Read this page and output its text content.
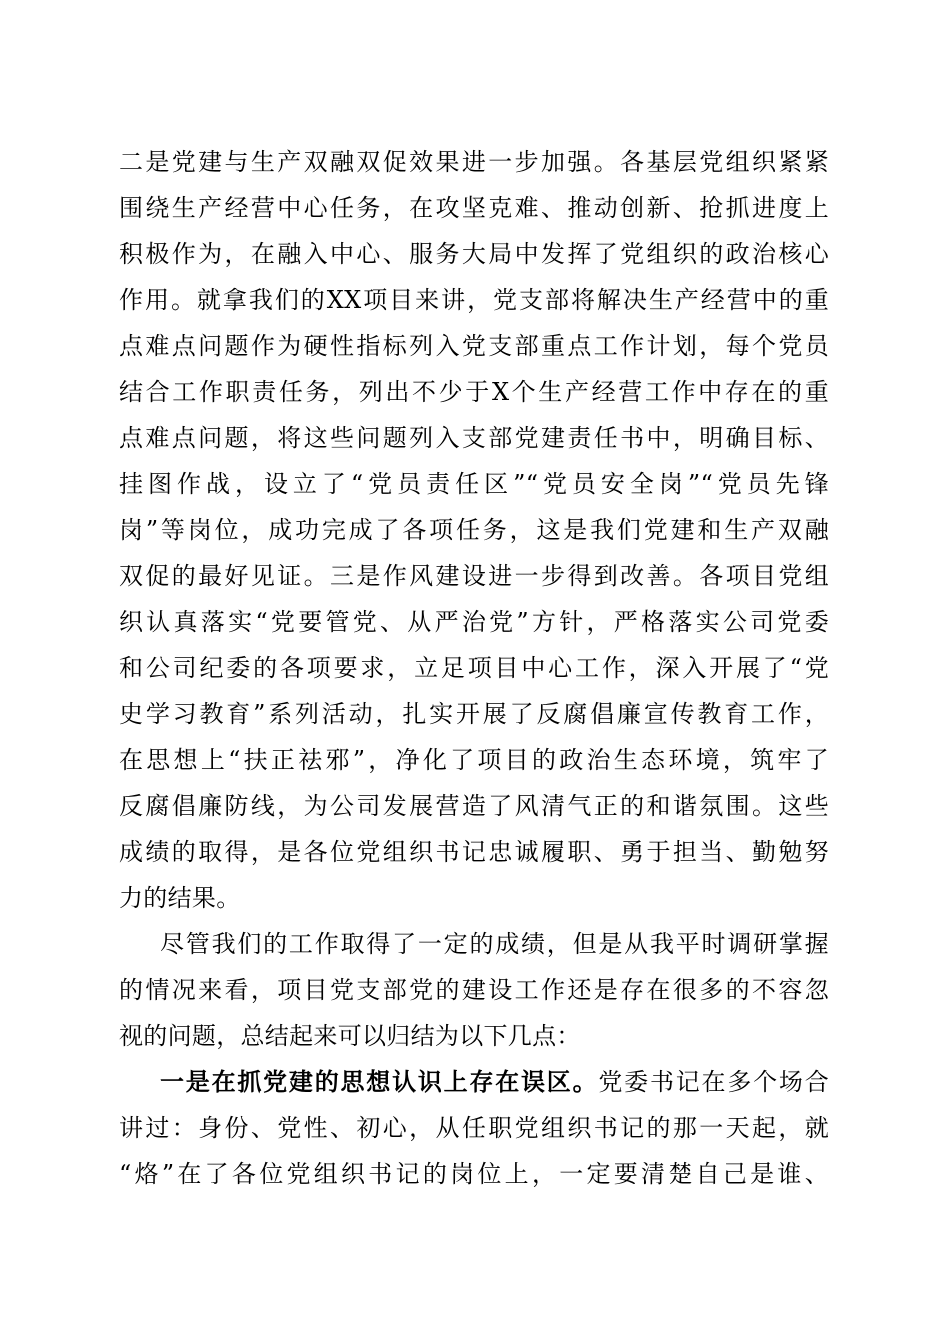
二是党建与生产双融双促效果进一步加强。各基层党组织紧紧
围绕生产经营中心任务，在攻坚克难、推动创新、抢抓进度上
积极作为，在融入中心、服务大局中发挥了党组织的政治核心
作用。就拿我们的XX项目来讲，党支部将解决生产经营中的重
点难点问题作为硬性指标列入党支部重点工作计划，每个党员
结合工作职责任务，列出不少于X个生产经营工作中存在的重
点难点问题，将这些问题列入支部党建责任书中，明确目标、
挂图作战，设立了“党员责任区”“党员安全岗”“党员先锋
岗”等岗位，成功完成了各项任务，这是我们党建和生产双融
双促的最好见证。三是作风建设进一步得到改善。各项目党组
织认真落实“党要管党、从严治党”方针，严格落实公司党委
和公司纪委的各项要求，立足项目中心工作，深入开展了“党
史学习教育”系列活动，扎实开展了反腐倡廉宣传教育工作，
在思想上“扶正祛邪”，净化了项目的政治生态环境，筑牢了
反腐倡廉防线，为公司发展营造了风清气正的和谐氛围。这些
成绩的取得，是各位党组织书记忠诚履职、勇于担当、勤勉努
力的结果。
尽管我们的工作取得了一定的成绩，但是从我平时调研掌握
的情况来看，项目党支部党的建设工作还是存在很多的不容忽
视的问题，总结起来可以归结为以下几点：
一是在抓党建的思想认识上存在误区。党委书记在多个场合
讲过：身份、党性、初心，从任职党组织书记的那一天起，就
“烙”在了各位党组织书记的岗位上，一定要清楚自己是谁、
